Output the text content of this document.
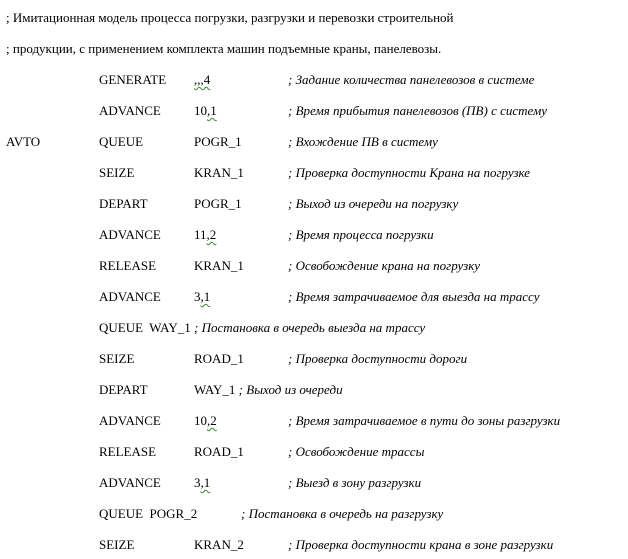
; Имитационная модель процесса погрузки, разгрузки и перевозки строительной
; продукции, с применением комплекта машин подъемные краны, панелевозы.
GENERATE ,,,4	; Задание количества панелевозов в системе
ADVANCE	10,1	; Время прибытия панелевозов (ПВ) с систему
AVTO	QUEUE	POGR_1	; Вхождение ПВ в систему
SEIZE	KRAN_1	; Проверка доступности Крана на погрузке
DEPART	POGR_1	; Выход из очереди на погрузку
ADVANCE	11,2	; Время процесса погрузки
RELEASE	KRAN_1	; Освобождение крана на погрузку
ADVANCE	3,1	; Время затрачиваемое для выезда на трассу
QUEUE  WAY_1 ; Постановка в очередь выезда на трассу
SEIZE	ROAD_1	; Проверка доступности дороги
DEPART	WAY_1 ; Выход из очереди
ADVANCE	10,2	; Время затрачиваемое в пути до зоны разгрузки
RELEASE	ROAD_1	; Освобождение трассы
ADVANCE	3,1	; Выезд в зону разгрузки
QUEUE  POGR_2	; Постановка в очередь на разгрузку
SEIZE	KRAN_2	; Проверка доступности крана в зоне разгрузки
